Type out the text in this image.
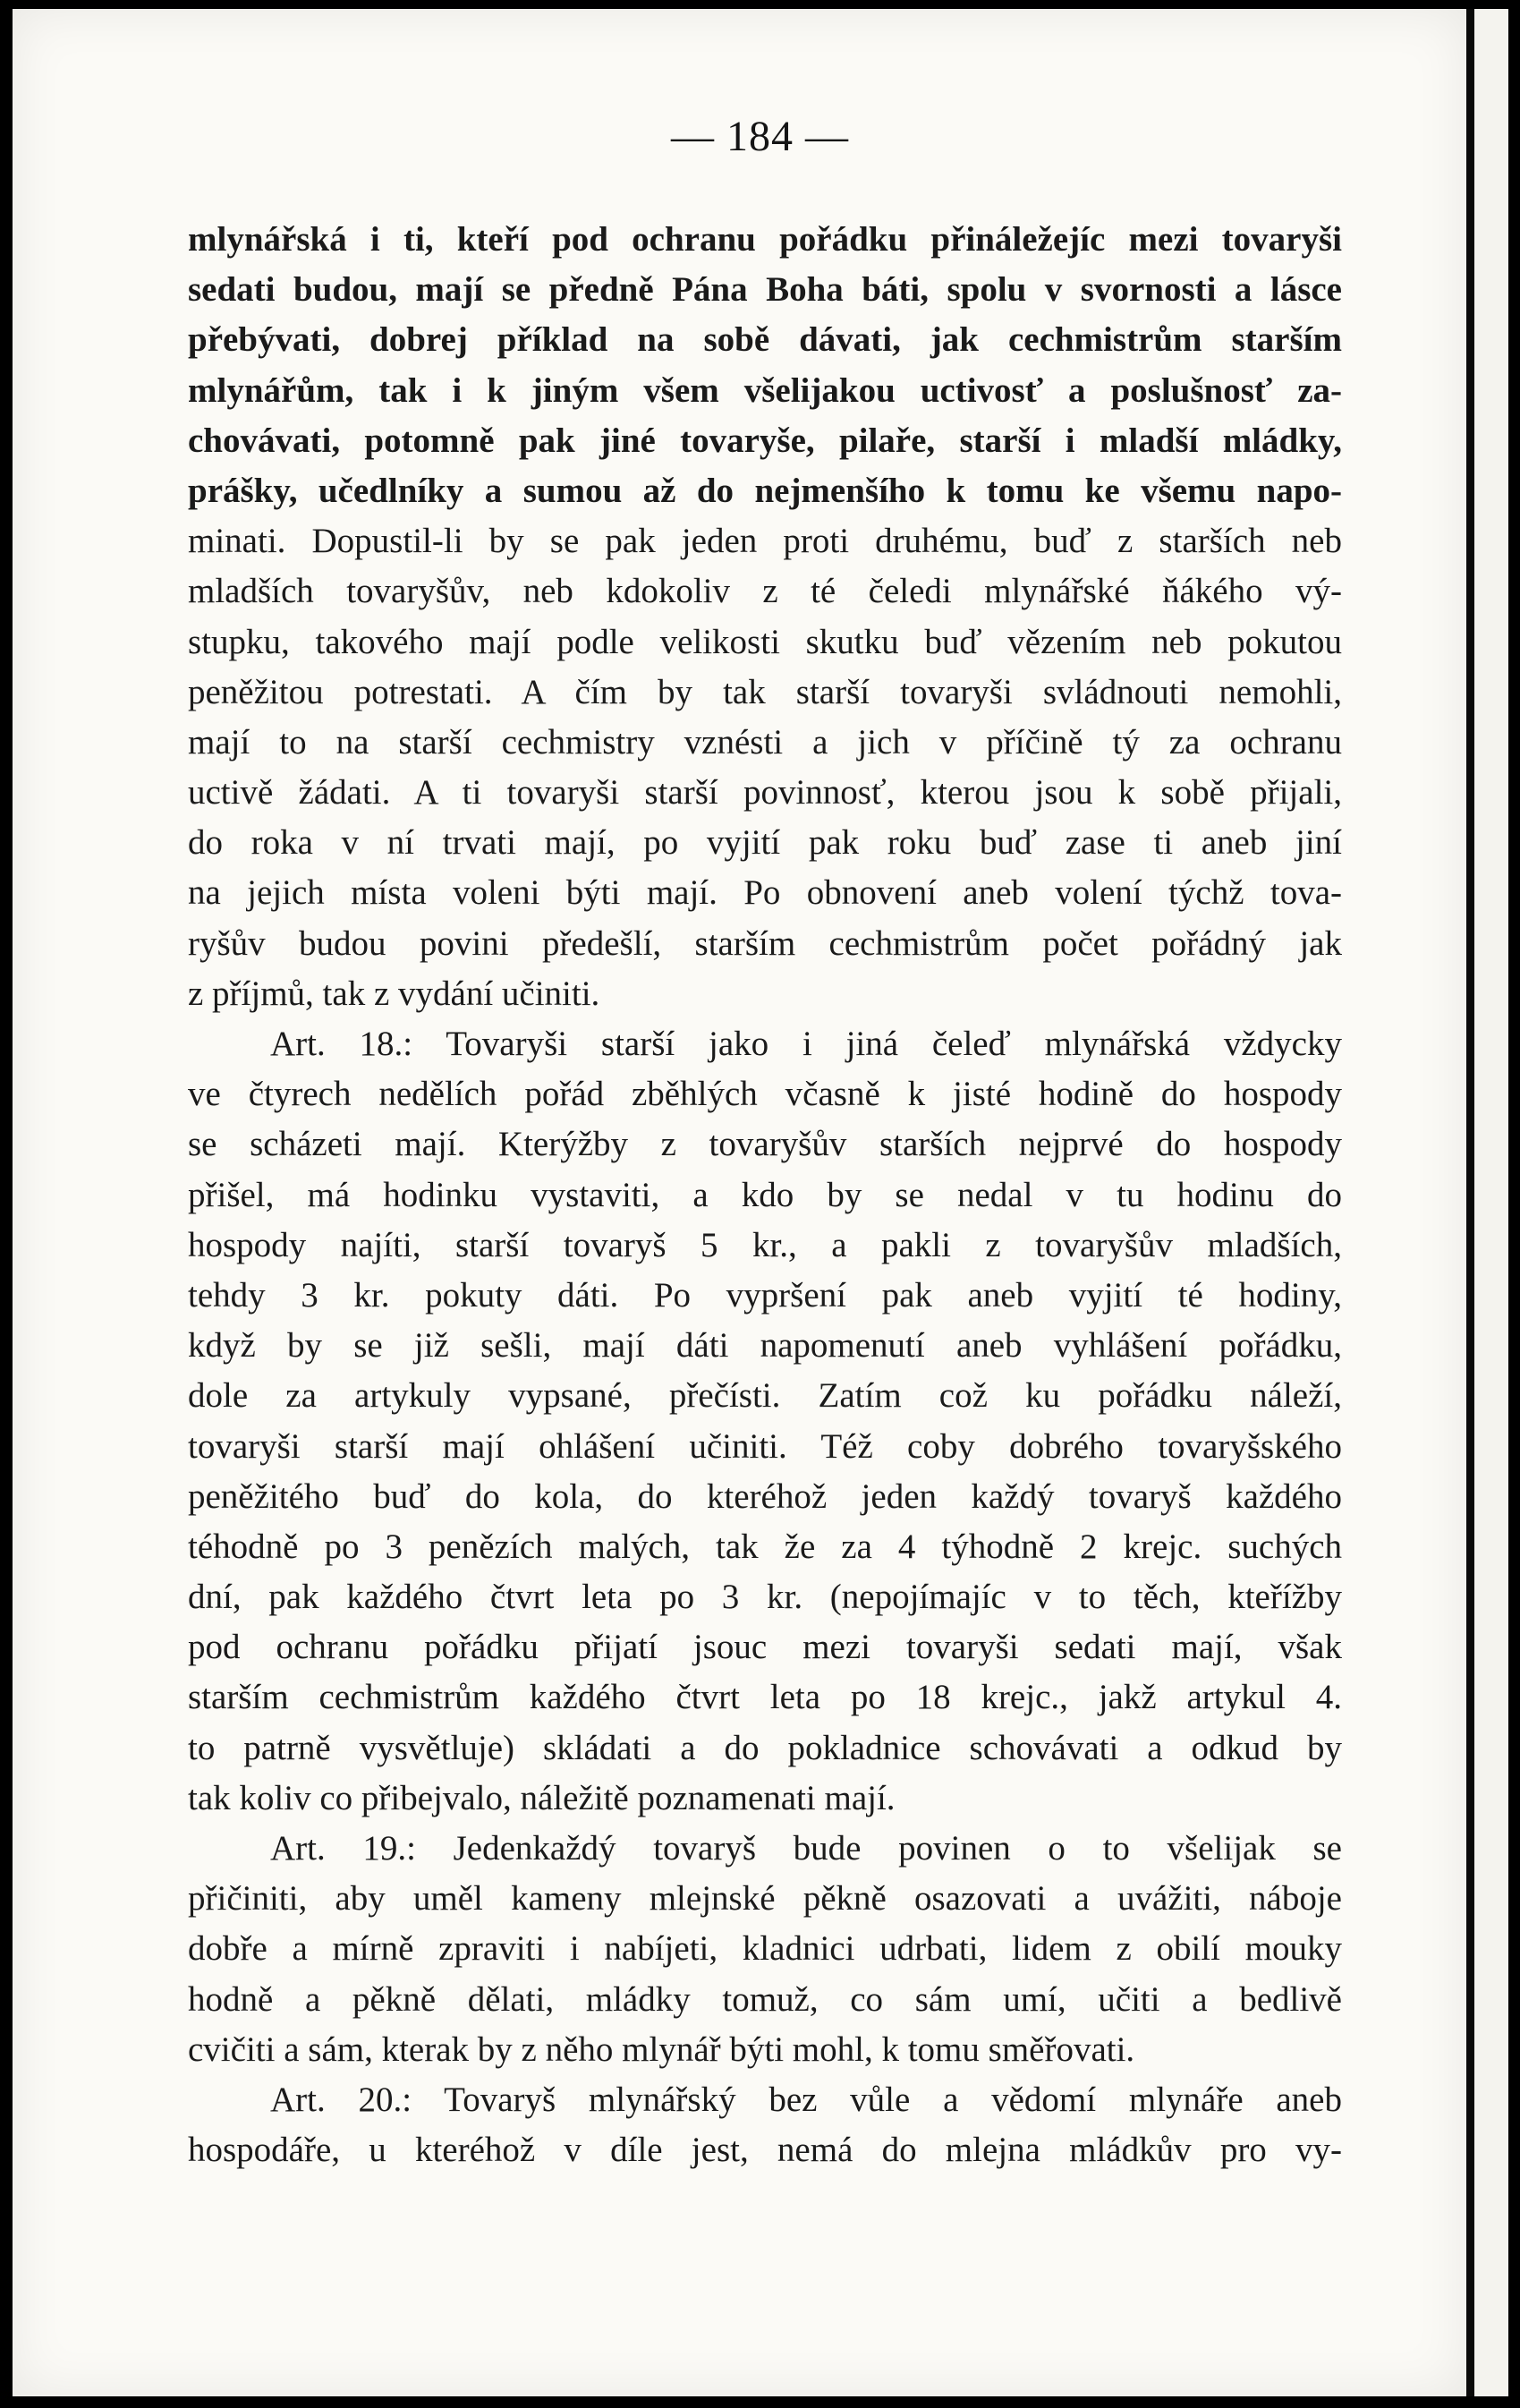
— 184 —
mlynářská i ti, kteří pod ochranu pořádku přináležejíc mezi tovaryši
sedati budou, mají se předně Pána Boha báti, spolu v svornosti a lásce
přebývati, dobrej příklad na sobě dávati, jak cechmistrům starším
mlynářům, tak i k jiným všem všelijakou uctivosť a poslušnosť za-
chovávati, potomně pak jiné tovaryše, pilaře, starší i mladší mládky,
prášky, učedlníky a sumou až do nejmenšího k tomu ke všemu napo-
minati. Dopustil-li by se pak jeden proti druhému, buď z starších neb
mladších tovaryšův, neb kdokoliv z té čeledi mlynářské ňákého vý-
stupku, takového mají podle velikosti skutku buď vězením neb pokutou
peněžitou potrestati. A čím by tak starší tovaryši svládnouti nemohli,
mají to na starší cechmistry vznésti a jich v příčině tý za ochranu
uctivě žádati. A ti tovaryši starší povinnosť, kterou jsou k sobě přijali,
do roka v ní trvati mají, po vyjití pak roku buď zase ti aneb jiní
na jejich místa voleni býti mají. Po obnovení aneb volení týchž tova-
ryšův budou povini předešlí, starším cechmistrům počet pořádný jak
z příjmů, tak z vydání učiniti.
Art. 18.: Tovaryši starší jako i jiná čeleď mlynářská vždycky
ve čtyrech nedělích pořád zběhlých včasně k jisté hodině do hospody
se scházeti mají. Kterýžby z tovaryšův starších nejprvé do hospody
přišel, má hodinku vystaviti, a kdo by se nedal v tu hodinu do
hospody najíti, starší tovaryš 5 kr., a pakli z tovaryšův mladších,
tehdy 3 kr. pokuty dáti. Po vypršení pak aneb vyjití té hodiny,
když by se již sešli, mají dáti napomenutí aneb vyhlášení pořádku,
dole za artykuly vypsané, přečísti. Zatím což ku pořádku náleží,
tovaryši starší mají ohlášení učiniti. Též coby dobrého tovaryšského
peněžitého buď do kola, do kteréhož jeden každý tovaryš každého
téhodně po 3 penězích malých, tak že za 4 týhodně 2 krejc. suchých
dní, pak každého čtvrt leta po 3 kr. (nepojímajíc v to těch, kteřížby
pod ochranu pořádku přijatí jsouc mezi tovaryši sedati mají, však
starším cechmistrům každého čtvrt leta po 18 krejc., jakž artykul 4.
to patrně vysvětluje) skládati a do pokladnice schovávati a odkud by
tak koliv co přibejvalo, náležitě poznamenati mají.
Art. 19.: Jedenkaždý tovaryš bude povinen o to všelijak se
přičiniti, aby uměl kameny mlejnské pěkně osazovati a uvážiti, náboje
dobře a mírně zpraviti i nabíjeti, kladnici udrbati, lidem z obilí mouky
hodně a pěkně dělati, mládky tomuž, co sám umí, učiti a bedlivě
cvičiti a sám, kterak by z něho mlynář býti mohl, k tomu směřovati.
Art. 20.: Tovaryš mlynářský bez vůle a vědomí mlynáře aneb
hospodáře, u kteréhož v díle jest, nemá do mlejna mládkův pro vy-
